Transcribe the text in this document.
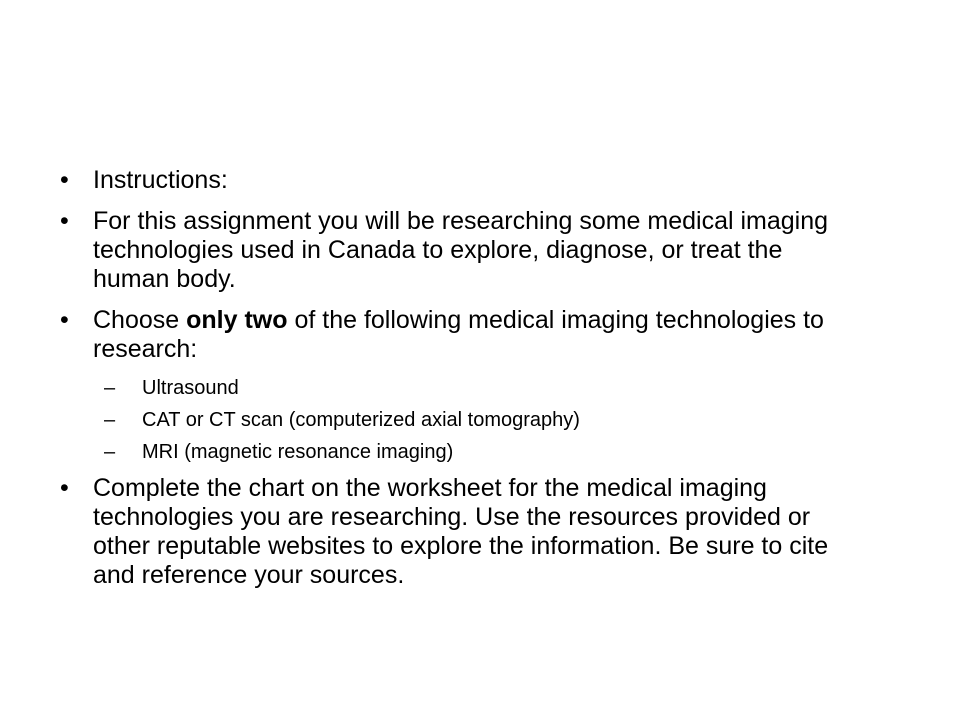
• Instructions:
• For this assignment you will be researching some medical imaging technologies used in Canada to explore, diagnose, or treat the human body.
• Choose only two of the following medical imaging technologies to research:
– Ultrasound
– CAT or CT scan (computerized axial tomography)
– MRI (magnetic resonance imaging)
• Complete the chart on the worksheet for the medical imaging technologies you are researching. Use the resources provided or other reputable websites to explore the information. Be sure to cite and reference your sources.
